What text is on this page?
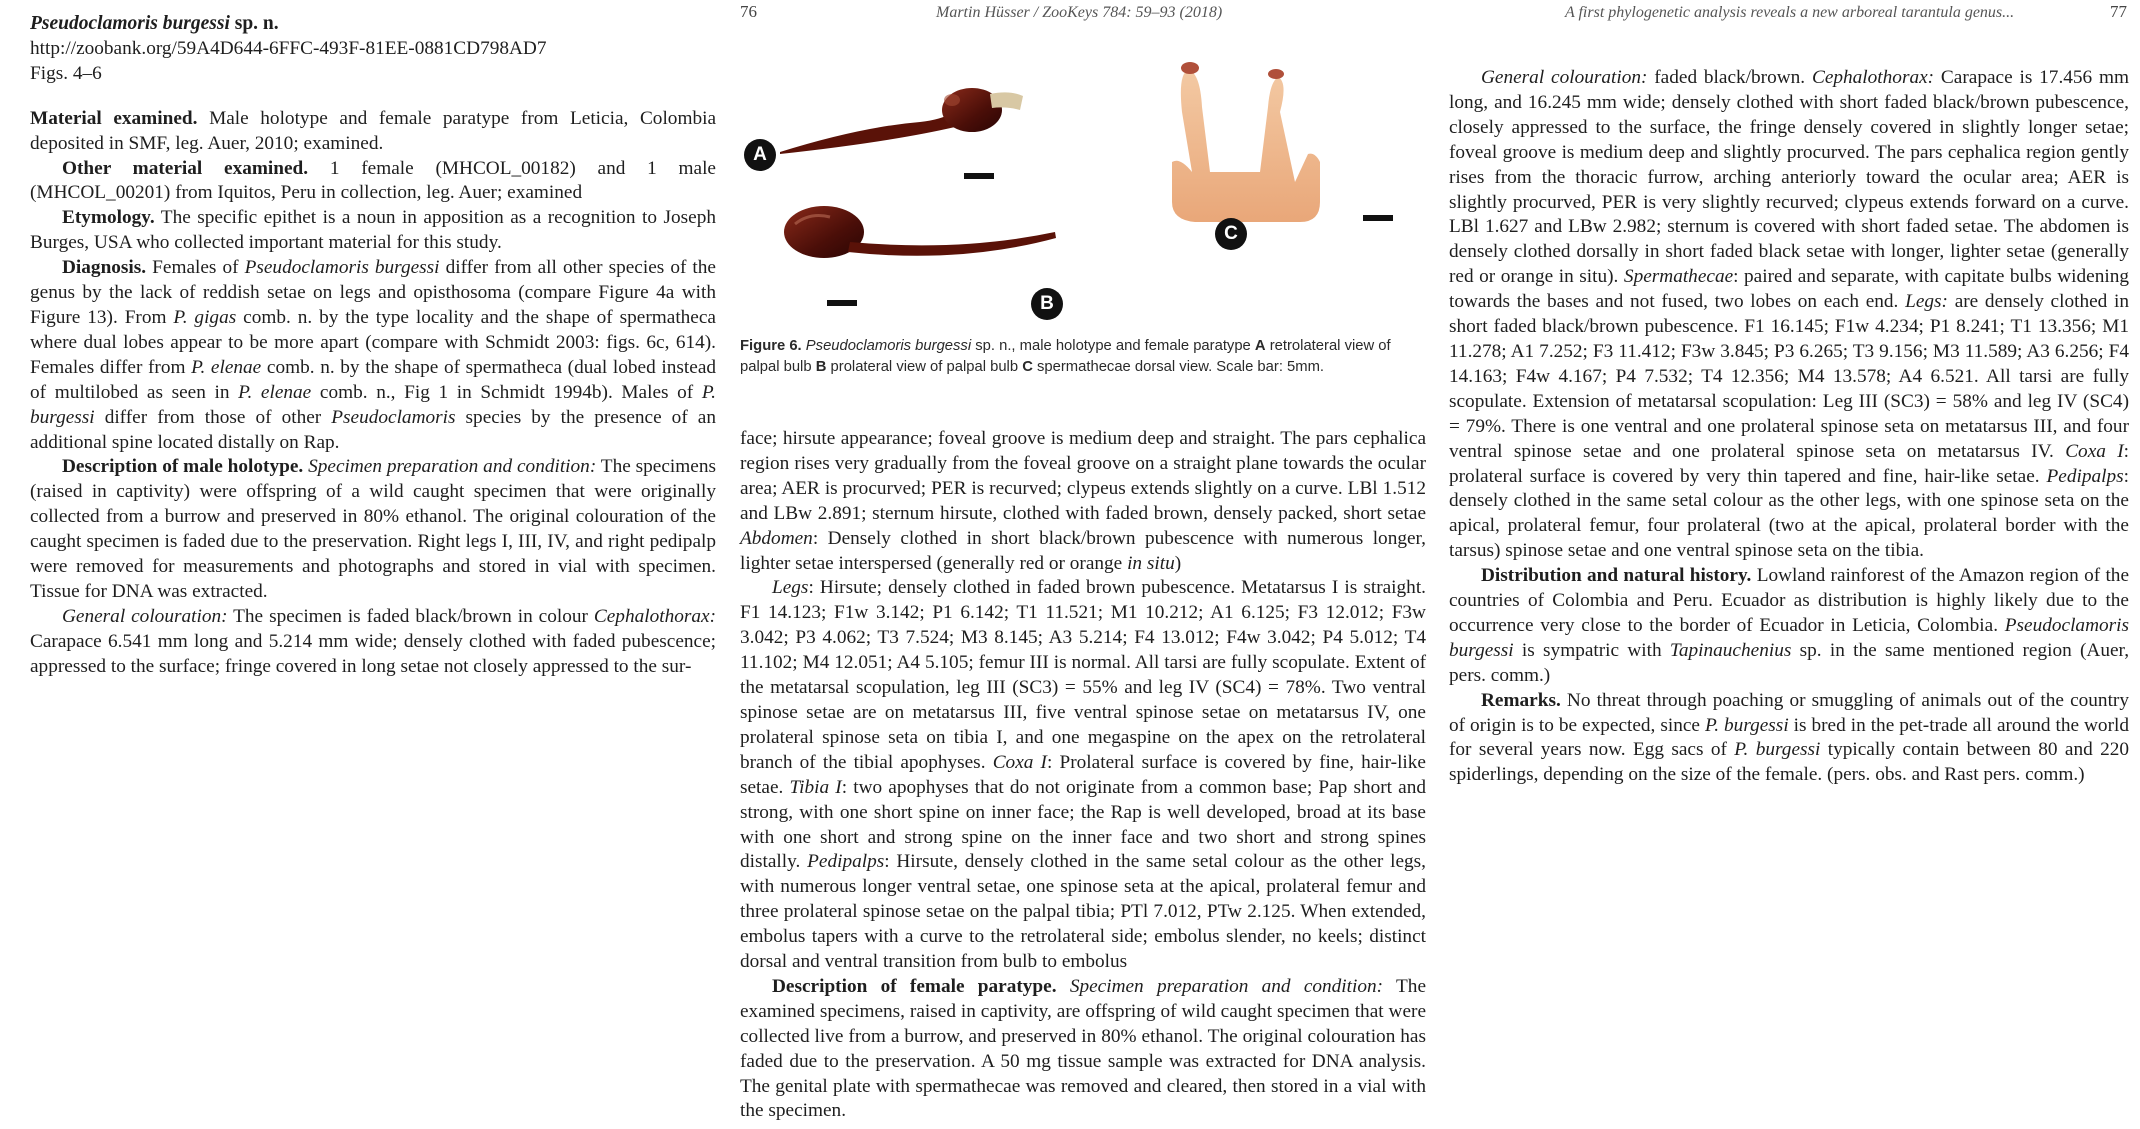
76	Martin Hüsser / ZooKeys 784: 59–93 (2018)	A first phylogenetic analysis reveals a new arboreal tarantula genus...	77

Pseudoclamoris burgessi sp. n.

http://zoobank.org/59A4D644-6FFC-493F-81EE-0881CD798AD7

Figs. 4–6

Material examined. Male holotype and female paratype from Leticia, Colombia deposited in SMF, leg. Auer, 2010; examined.

Other material examined. 1 female (MHCOL_00182) and 1 male (MHCOL_00201) from Iquitos, Peru in collection, leg. Auer; examined

Etymology. The specific epithet is a noun in apposition as a recognition to Joseph Burges, USA who collected important material for this study.

Diagnosis. Females of Pseudoclamoris burgessi differ from all other species of the genus by the lack of reddish setae on legs and opisthosoma (compare Figure 4a with Figure 13). From P. gigas comb. n. by the type locality and the shape of spermatheca where dual lobes appear to be more apart (compare with Schmidt 2003: figs. 6c, 614). Females differ from P. elenae comb. n. by the shape of spermatheca (dual lobed instead of multilobed as seen in P. elenae comb. n., Fig 1 in Schmidt 1994b). Males of P. burgessi differ from those of other Pseudoclamoris species by the presence of an additional spine located distally on Rap.

Description of male holotype. Specimen preparation and condition: The specimens (raised in captivity) were offspring of a wild caught specimen that were originally collected from a burrow and preserved in 80% ethanol. The original colouration of the caught specimen is faded due to the preservation. Right legs I, III, IV, and right pedipalp were removed for measurements and photographs and stored in vial with specimen. Tissue for DNA was extracted.

General colouration: The specimen is faded black/brown in colour Cephalothorax: Carapace 6.541 mm long and 5.214 mm wide; densely clothed with faded pubescence; appressed to the surface; fringe covered in long setae not closely appressed to the sur-

A
B
C
Figure 6. Pseudoclamoris burgessi sp. n., male holotype and female paratype A retrolateral view of palpal bulb B prolateral view of palpal bulb C spermathecae dorsal view. Scale bar: 5mm.

face; hirsute appearance; foveal groove is medium deep and straight. The pars cephalica region rises very gradually from the foveal groove on a straight plane towards the ocular area; AER is procurved; PER is recurved; clypeus extends slightly on a curve. LBl 1.512 and LBw 2.891; sternum hirsute, clothed with faded brown, densely packed, short setae Abdomen: Densely clothed in short black/brown pubescence with numerous longer, lighter setae interspersed (generally red or orange in situ)

Legs: Hirsute; densely clothed in faded brown pubescence. Metatarsus I is straight. F1 14.123; F1w 3.142; P1 6.142; T1 11.521; M1 10.212; A1 6.125; F3 12.012; F3w 3.042; P3 4.062; T3 7.524; M3 8.145; A3 5.214; F4 13.012; F4w 3.042; P4 5.012; T4 11.102; M4 12.051; A4 5.105; femur III is normal. All tarsi are fully scopulate. Extent of the metatarsal scopulation, leg III (SC3) = 55% and leg IV (SC4) = 78%. Two ventral spinose setae are on metatarsus III, five ventral spinose setae on metatarsus IV, one prolateral spinose seta on tibia I, and one megaspine on the apex on the retrolateral branch of the tibial apophyses. Coxa I: Prolateral surface is covered by fine, hair-like setae. Tibia I: two apophyses that do not originate from a common base; Pap short and strong, with one short spine on inner face; the Rap is well developed, broad at its base with one short and strong spine on the inner face and two short and strong spines distally. Pedipalps: Hirsute, densely clothed in the same setal colour as the other legs, with numerous longer ventral setae, one spinose seta at the apical, prolateral femur and three prolateral spinose setae on the palpal tibia; PTl 7.012, PTw 2.125. When extended, embolus tapers with a curve to the retrolateral side; embolus slender, no keels; distinct dorsal and ventral transition from bulb to embolus

Description of female paratype. Specimen preparation and condition: The examined specimens, raised in captivity, are offspring of wild caught specimen that were collected live from a burrow, and preserved in 80% ethanol. The original colouration has faded due to the preservation. A 50 mg tissue sample was extracted for DNA analysis. The genital plate with spermathecae was removed and cleared, then stored in a vial with the specimen.

General colouration: faded black/brown. Cephalothorax: Carapace is 17.456 mm long, and 16.245 mm wide; densely clothed with short faded black/brown pubescence, closely appressed to the surface, the fringe densely covered in slightly longer setae; foveal groove is medium deep and slightly procurved. The pars cephalica region gently rises from the thoracic furrow, arching anteriorly toward the ocular area; AER is slightly procurved, PER is very slightly recurved; clypeus extends forward on a curve. LBl 1.627 and LBw 2.982; sternum is covered with short faded setae. The abdomen is densely clothed dorsally in short faded black setae with longer, lighter setae (generally red or orange in situ). Spermathecae: paired and separate, with capitate bulbs widening towards the bases and not fused, two lobes on each end. Legs: are densely clothed in short faded black/brown pubescence. F1 16.145; F1w 4.234; P1 8.241; T1 13.356; M1 11.278; A1 7.252; F3 11.412; F3w 3.845; P3 6.265; T3 9.156; M3 11.589; A3 6.256; F4 14.163; F4w 4.167; P4 7.532; T4 12.356; M4 13.578; A4 6.521. All tarsi are fully scopulate. Extension of metatarsal scopulation: Leg III (SC3) = 58% and leg IV (SC4) = 79%. There is one ventral and one prolateral spinose seta on metatarsus III, and four ventral spinose setae and one prolateral spinose seta on metatarsus IV. Coxa I: prolateral surface is covered by very thin tapered and fine, hair-like setae. Pedipalps: densely clothed in the same setal colour as the other legs, with one spinose seta on the apical, prolateral femur, four prolateral (two at the apical, prolateral border with the tarsus) spinose setae and one ventral spinose seta on the tibia.

Distribution and natural history. Lowland rainforest of the Amazon region of the countries of Colombia and Peru. Ecuador as distribution is highly likely due to the occurrence very close to the border of Ecuador in Leticia, Colombia. Pseudoclamoris burgessi is sympatric with Tapinauchenius sp. in the same mentioned region (Auer, pers. comm.)

Remarks. No threat through poaching or smuggling of animals out of the country of origin is to be expected, since P. burgessi is bred in the pet-trade all around the world for several years now. Egg sacs of P. burgessi typically contain between 80 and 220 spiderlings, depending on the size of the female. (pers. obs. and Rast pers. comm.)
